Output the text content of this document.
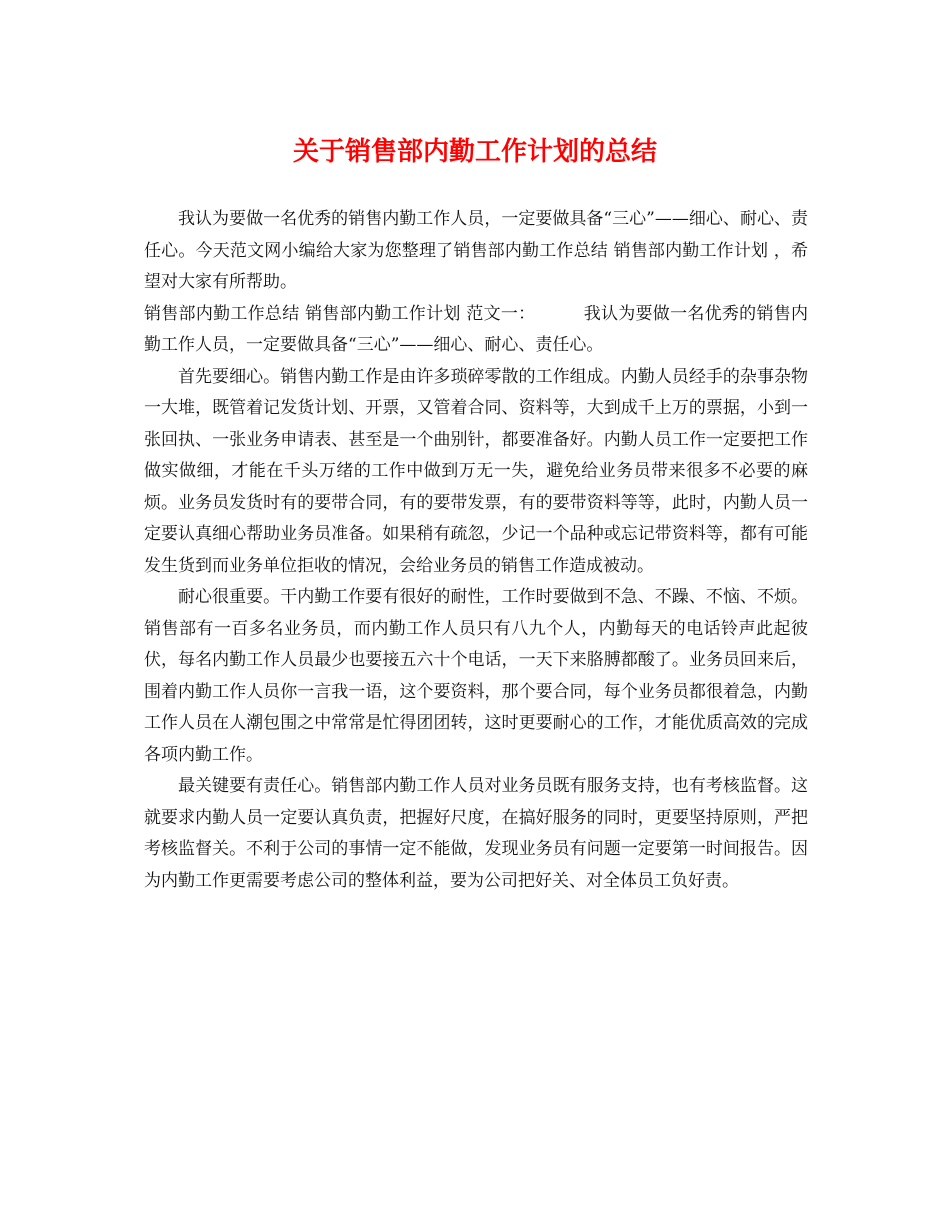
关于销售部内勤工作计划的总结

我认为要做一名优秀的销售内勤工作人员，一定要做具备“三心”——细心、耐心、责任心。今天范文网小编给大家为您整理了销售部内勤工作总结 销售部内勤工作计划 ，希望对大家有所帮助。

销售部内勤工作总结 销售部内勤工作计划 范文一：	我认为要做一名优秀的销售内勤工作人员，一定要做具备“三心”——细心、耐心、责任心。

首先要细心。销售内勤工作是由许多琐碎零散的工作组成。内勤人员经手的杂事杂物一大堆，既管着记发货计划、开票，又管着合同、资料等，大到成千上万的票据，小到一张回执、一张业务申请表、甚至是一个曲别针，都要准备好。内勤人员工作一定要把工作做实做细，才能在千头万绪的工作中做到万无一失，避免给业务员带来很多不必要的麻烦。业务员发货时有的要带合同，有的要带发票，有的要带资料等等，此时，内勤人员一定要认真细心帮助业务员准备。如果稍有疏忽，少记一个品种或忘记带资料等，都有可能发生货到而业务单位拒收的情况，会给业务员的销售工作造成被动。

耐心很重要。干内勤工作要有很好的耐性，工作时要做到不急、不躁、不恼、不烦。销售部有一百多名业务员，而内勤工作人员只有八九个人，内勤每天的电话铃声此起彼伏，每名内勤工作人员最少也要接五六十个电话，一天下来胳膊都酸了。业务员回来后，围着内勤工作人员你一言我一语，这个要资料，那个要合同，每个业务员都很着急，内勤工作人员在人潮包围之中常常是忙得团团转，这时更要耐心的工作，才能优质高效的完成各项内勤工作。

最关键要有责任心。销售部内勤工作人员对业务员既有服务支持，也有考核监督。这就要求内勤人员一定要认真负责，把握好尺度，在搞好服务的同时，更要坚持原则，严把考核监督关。不利于公司的事情一定不能做，发现业务员有问题一定要第一时间报告。因为内勤工作更需要考虑公司的整体利益，要为公司把好关、对全体员工负好责。
